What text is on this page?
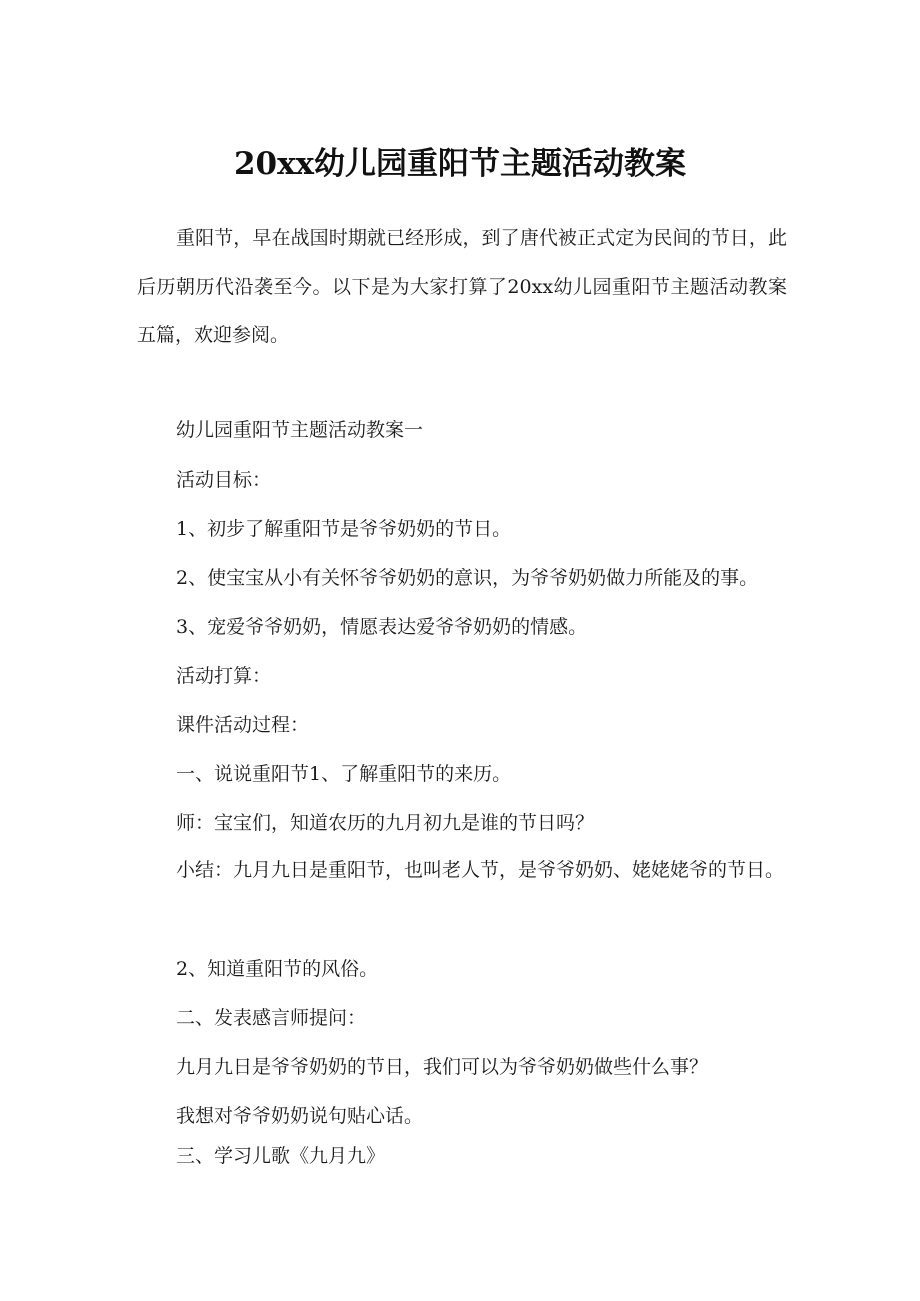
20xx幼儿园重阳节主题活动教案

重阳节，早在战国时期就已经形成，到了唐代被正式定为民间的节日，此后历朝历代沿袭至今。以下是为大家打算了20xx幼儿园重阳节主题活动教案五篇，欢迎参阅。

幼儿园重阳节主题活动教案一

活动目标：

1、初步了解重阳节是爷爷奶奶的节日。

2、使宝宝从小有关怀爷爷奶奶的意识，为爷爷奶奶做力所能及的事。

3、宠爱爷爷奶奶，情愿表达爱爷爷奶奶的情感。

活动打算：

课件活动过程：

一、说说重阳节1、了解重阳节的来历。

师：宝宝们，知道农历的九月初九是谁的节日吗？

小结：九月九日是重阳节，也叫老人节，是爷爷奶奶、姥姥姥爷的节日。

2、知道重阳节的风俗。

二、发表感言师提问：

九月九日是爷爷奶奶的节日，我们可以为爷爷奶奶做些什么事？

我想对爷爷奶奶说句贴心话。

三、学习儿歌《九月九》
